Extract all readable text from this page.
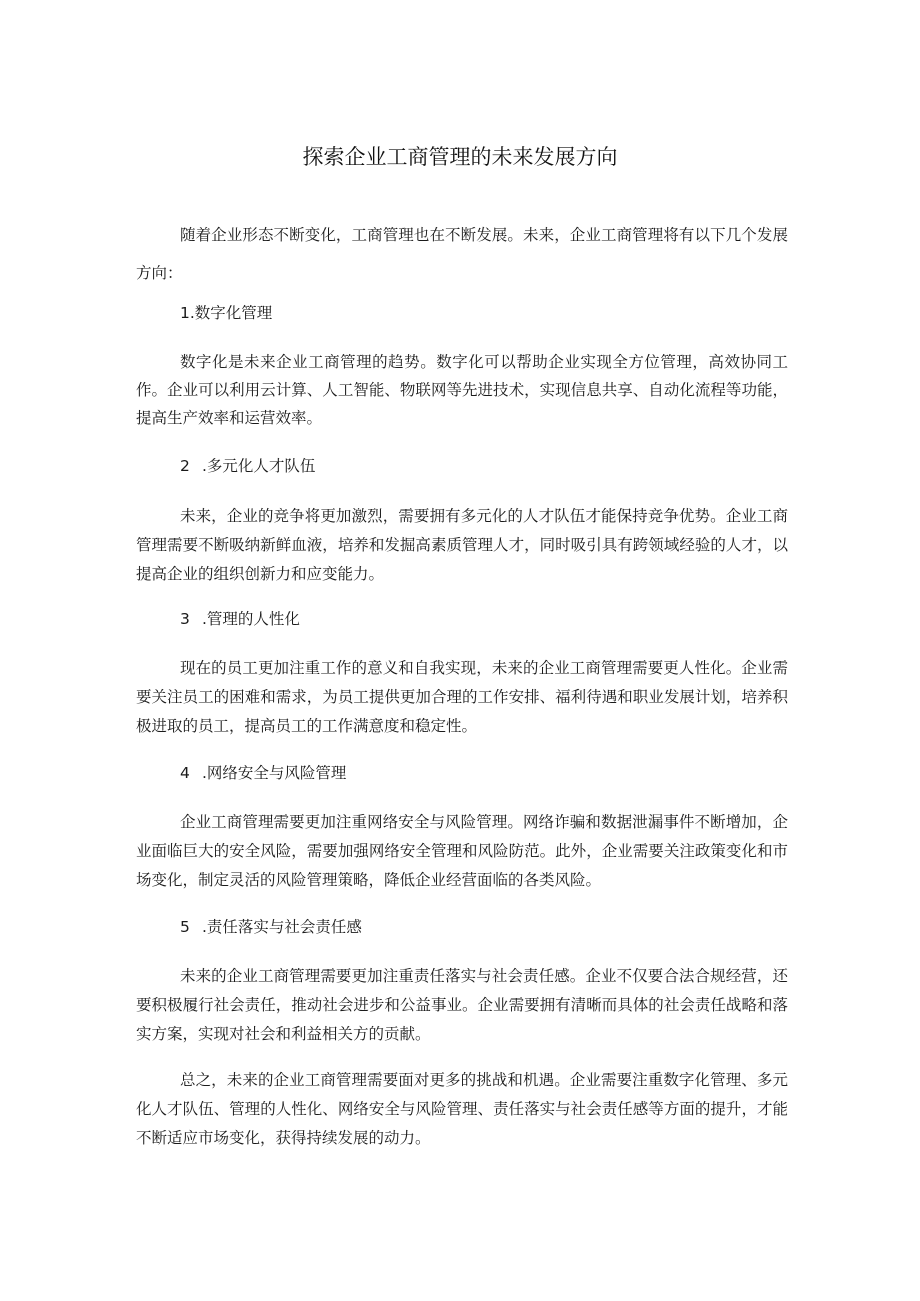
探索企业工商管理的未来发展方向

随着企业形态不断变化，工商管理也在不断发展。未来，企业工商管理将有以下几个发展方向：

1.数字化管理

数字化是未来企业工商管理的趋势。数字化可以帮助企业实现全方位管理，高效协同工作。企业可以利用云计算、人工智能、物联网等先进技术，实现信息共享、自动化流程等功能，提高生产效率和运营效率。

2 .多元化人才队伍

未来，企业的竞争将更加激烈，需要拥有多元化的人才队伍才能保持竞争优势。企业工商管理需要不断吸纳新鲜血液，培养和发掘高素质管理人才，同时吸引具有跨领域经验的人才，以提高企业的组织创新力和应变能力。

3 .管理的人性化

现在的员工更加注重工作的意义和自我实现，未来的企业工商管理需要更人性化。企业需要关注员工的困难和需求，为员工提供更加合理的工作安排、福利待遇和职业发展计划，培养积极进取的员工，提高员工的工作满意度和稳定性。

4 .网络安全与风险管理

企业工商管理需要更加注重网络安全与风险管理。网络诈骗和数据泄漏事件不断增加，企业面临巨大的安全风险，需要加强网络安全管理和风险防范。此外，企业需要关注政策变化和市场变化，制定灵活的风险管理策略，降低企业经营面临的各类风险。

5 .责任落实与社会责任感

未来的企业工商管理需要更加注重责任落实与社会责任感。企业不仅要合法合规经营，还要积极履行社会责任，推动社会进步和公益事业。企业需要拥有清晰而具体的社会责任战略和落实方案，实现对社会和利益相关方的贡献。

总之，未来的企业工商管理需要面对更多的挑战和机遇。企业需要注重数字化管理、多元化人才队伍、管理的人性化、网络安全与风险管理、责任落实与社会责任感等方面的提升，才能不断适应市场变化，获得持续发展的动力。
